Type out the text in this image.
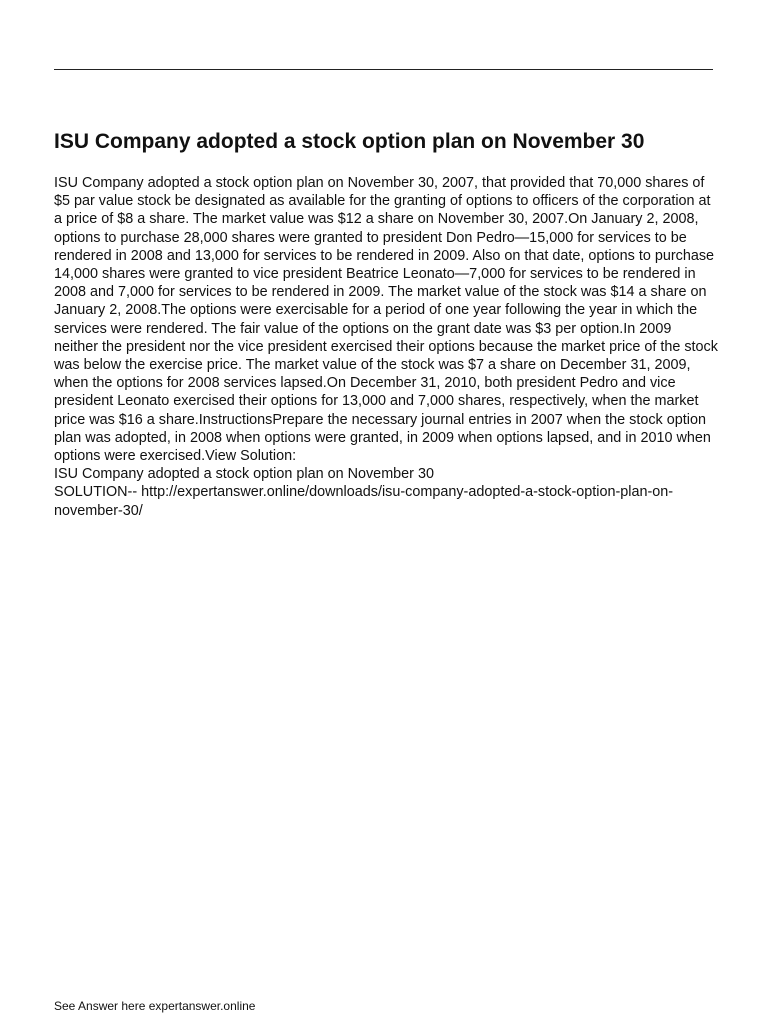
ISU Company adopted a stock option plan on November 30

ISU Company adopted a stock option plan on November 30, 2007, that provided that 70,000 shares of $5 par value stock be designated as available for the granting of options to officers of the corporation at a price of $8 a share. The market value was $12 a share on November 30, 2007.On January 2, 2008, options to purchase 28,000 shares were granted to president Don Pedro—15,000 for services to be rendered in 2008 and 13,000 for services to be rendered in 2009. Also on that date, options to purchase 14,000 shares were granted to vice president Beatrice Leonato—7,000 for services to be rendered in 2008 and 7,000 for services to be rendered in 2009. The market value of the stock was $14 a share on January 2, 2008.The options were exercisable for a period of one year following the year in which the services were rendered. The fair value of the options on the grant date was $3 per option.In 2009 neither the president nor the vice president exercised their options because the market price of the stock was below the exercise price. The market value of the stock was $7 a share on December 31, 2009, when the options for 2008 services lapsed.On December 31, 2010, both president Pedro and vice president Leonato exercised their options for 13,000 and 7,000 shares, respectively, when the market price was $16 a share.InstructionsPrepare the necessary journal entries in 2007 when the stock option plan was adopted, in 2008 when options were granted, in 2009 when options lapsed, and in 2010 when options were exercised.View Solution:

ISU Company adopted a stock option plan on November 30

SOLUTION-- http://expertanswer.online/downloads/isu-company-adopted-a-stock-option-plan-on-november-30/

See Answer here expertanswer.online
